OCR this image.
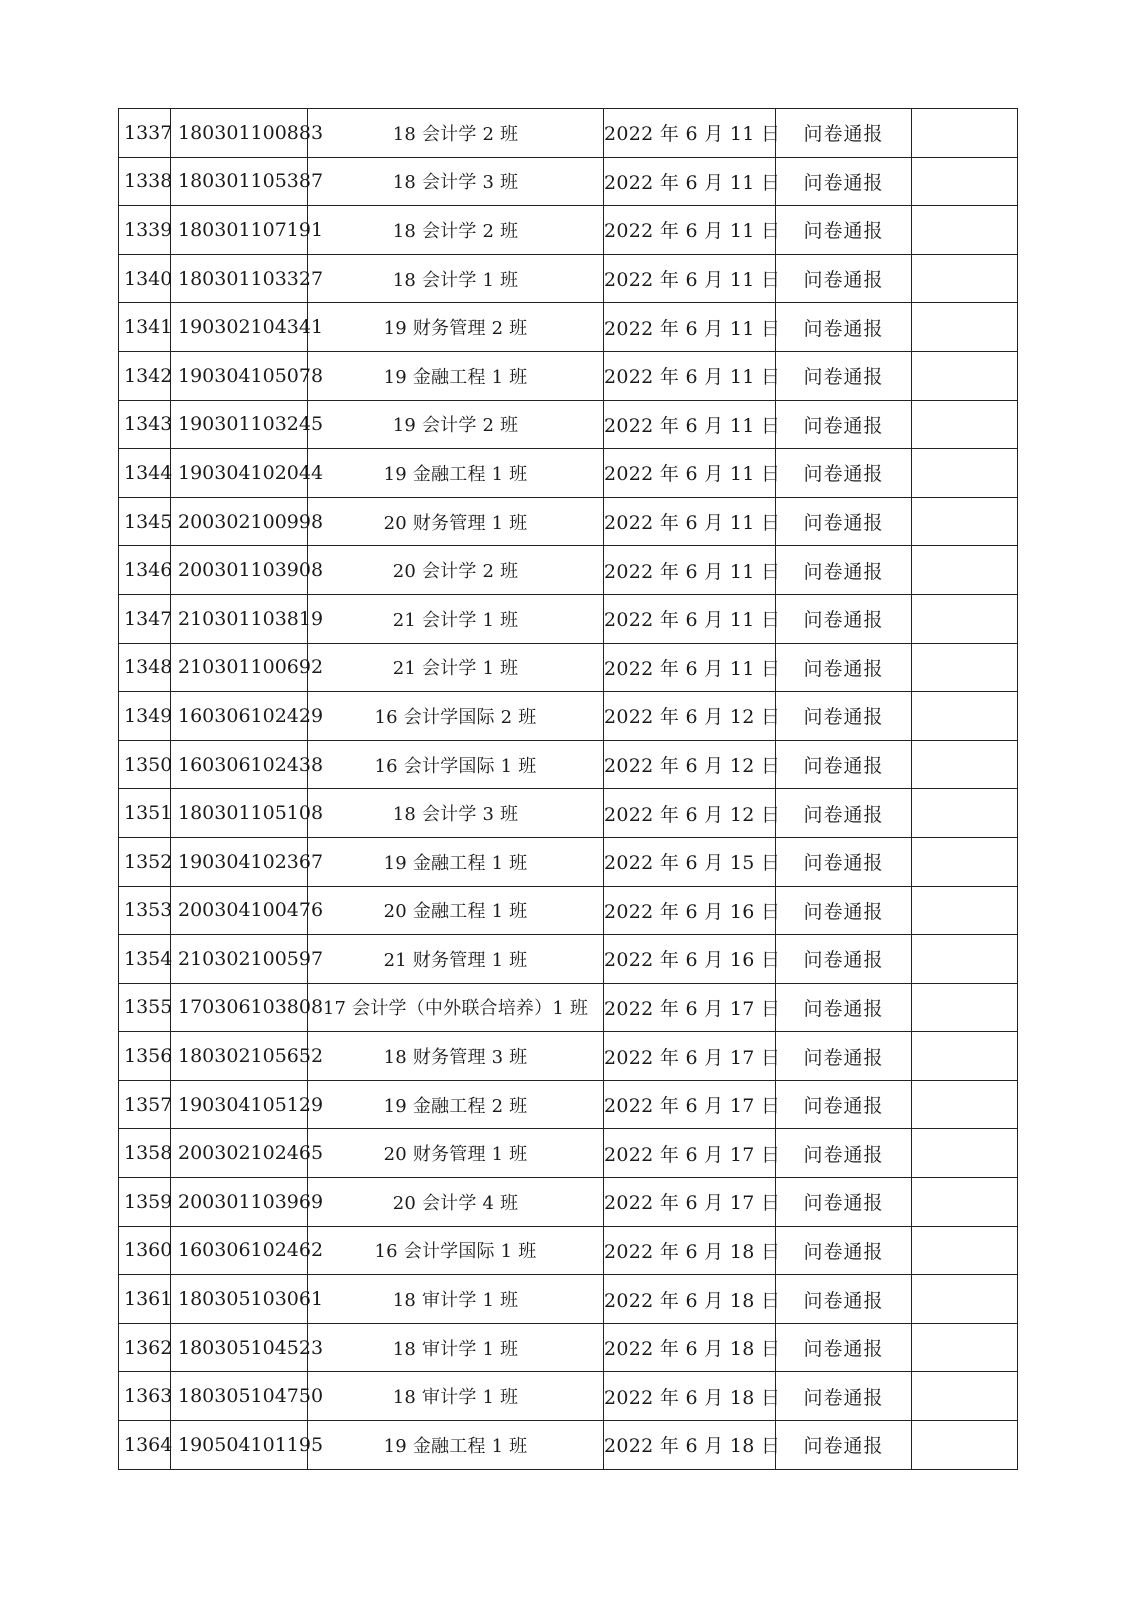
1337	180301100883	18 会计学 2 班	2022 年 6 月 11 日	问卷通报	
1338	180301105387	18 会计学 3 班	2022 年 6 月 11 日	问卷通报	
1339	180301107191	18 会计学 2 班	2022 年 6 月 11 日	问卷通报	
1340	180301103327	18 会计学 1 班	2022 年 6 月 11 日	问卷通报	
1341	190302104341	19 财务管理 2 班	2022 年 6 月 11 日	问卷通报	
1342	190304105078	19 金融工程 1 班	2022 年 6 月 11 日	问卷通报	
1343	190301103245	19 会计学 2 班	2022 年 6 月 11 日	问卷通报	
1344	190304102044	19 金融工程 1 班	2022 年 6 月 11 日	问卷通报	
1345	200302100998	20 财务管理 1 班	2022 年 6 月 11 日	问卷通报	
1346	200301103908	20 会计学 2 班	2022 年 6 月 11 日	问卷通报	
1347	210301103819	21 会计学 1 班	2022 年 6 月 11 日	问卷通报	
1348	210301100692	21 会计学 1 班	2022 年 6 月 11 日	问卷通报	
1349	160306102429	16 会计学国际 2 班	2022 年 6 月 12 日	问卷通报	
1350	160306102438	16 会计学国际 1 班	2022 年 6 月 12 日	问卷通报	
1351	180301105108	18 会计学 3 班	2022 年 6 月 12 日	问卷通报	
1352	190304102367	19 金融工程 1 班	2022 年 6 月 15 日	问卷通报	
1353	200304100476	20 金融工程 1 班	2022 年 6 月 16 日	问卷通报	
1354	210302100597	21 财务管理 1 班	2022 年 6 月 16 日	问卷通报	
1355	170306103808	17 会计学（中外联合培养）1 班	2022 年 6 月 17 日	问卷通报	
1356	180302105652	18 财务管理 3 班	2022 年 6 月 17 日	问卷通报	
1357	190304105129	19 金融工程 2 班	2022 年 6 月 17 日	问卷通报	
1358	200302102465	20 财务管理 1 班	2022 年 6 月 17 日	问卷通报	
1359	200301103969	20 会计学 4 班	2022 年 6 月 17 日	问卷通报	
1360	160306102462	16 会计学国际 1 班	2022 年 6 月 18 日	问卷通报	
1361	180305103061	18 审计学 1 班	2022 年 6 月 18 日	问卷通报	
1362	180305104523	18 审计学 1 班	2022 年 6 月 18 日	问卷通报	
1363	180305104750	18 审计学 1 班	2022 年 6 月 18 日	问卷通报	
1364	190504101195	19 金融工程 1 班	2022 年 6 月 18 日	问卷通报	
